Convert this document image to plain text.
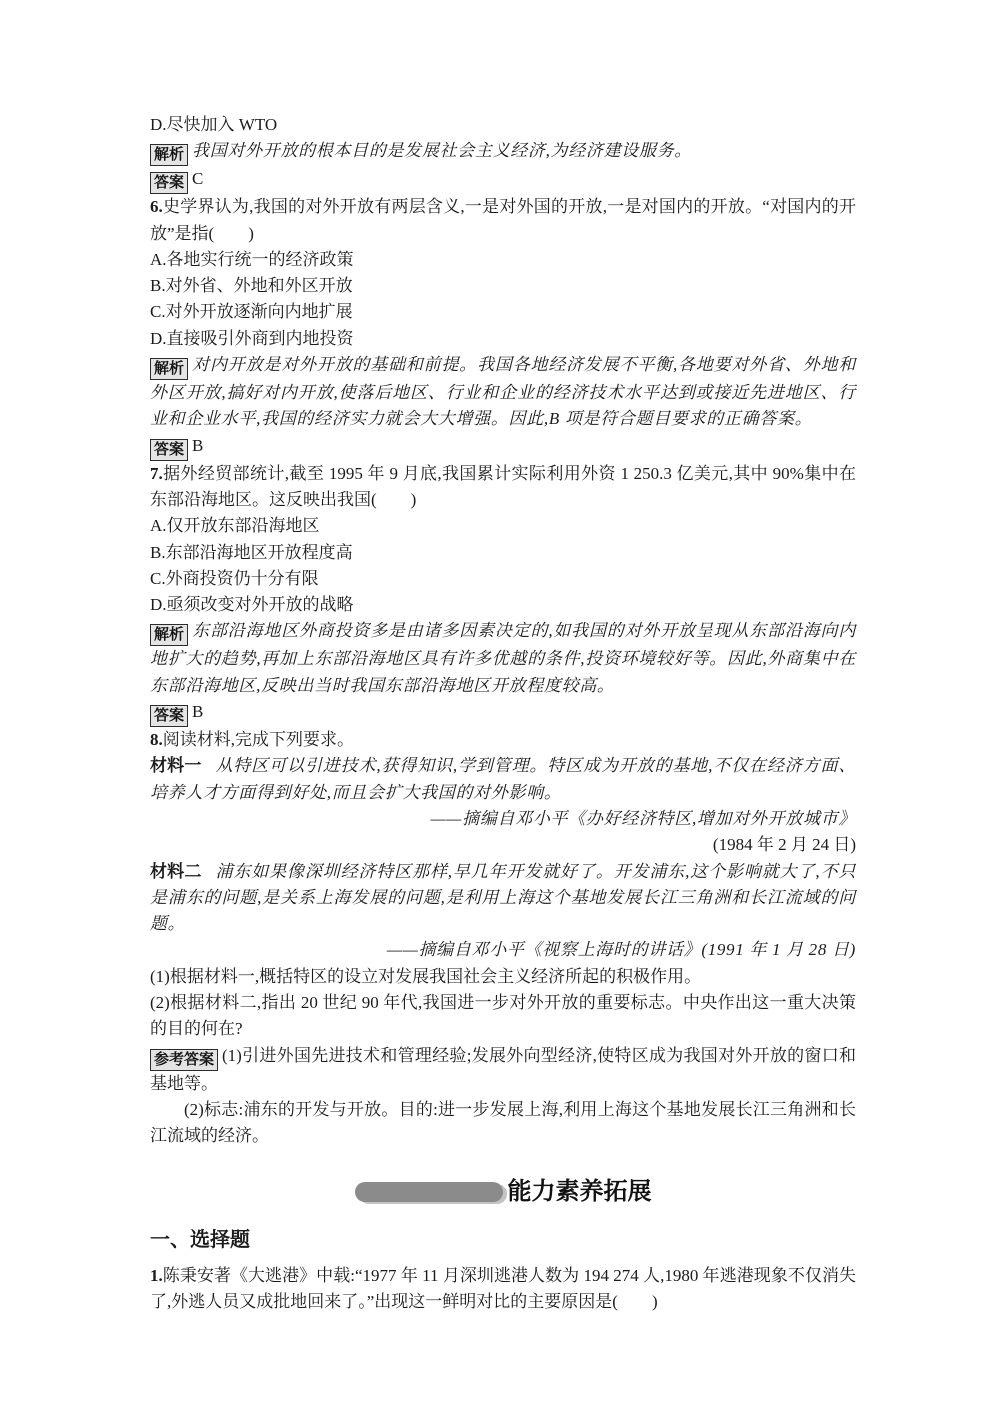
D.尽快加入 WTO

解析 我国对外开放的根本目的是发展社会主义经济,为经济建设服务。

答案 C

6.史学界认为,我国的对外开放有两层含义,一是对外国的开放,一是对国内的开放。“对国内的开放”是指(　　)

A.各地实行统一的经济政策

B.对外省、外地和外区开放

C.对外开放逐渐向内地扩展

D.直接吸引外商到内地投资

解析 对内开放是对外开放的基础和前提。我国各地经济发展不平衡,各地要对外省、外地和外区开放,搞好对内开放,使落后地区、行业和企业的经济技术水平达到或接近先进地区、行业和企业水平,我国的经济实力就会大大增强。因此,B 项是符合题目要求的正确答案。

答案 B

7.据外经贸部统计,截至 1995 年 9 月底,我国累计实际利用外资 1 250.3 亿美元,其中 90%集中在东部沿海地区。这反映出我国(　　)

A.仅开放东部沿海地区

B.东部沿海地区开放程度高

C.外商投资仍十分有限

D.亟须改变对外开放的战略

解析 东部沿海地区外商投资多是由诸多因素决定的,如我国的对外开放呈现从东部沿海向内地扩大的趋势,再加上东部沿海地区具有许多优越的条件,投资环境较好等。因此,外商集中在东部沿海地区,反映出当时我国东部沿海地区开放程度较高。

答案 B

8.阅读材料,完成下列要求。

材料一 从特区可以引进技术,获得知识,学到管理。特区成为开放的基地,不仅在经济方面、培养人才方面得到好处,而且会扩大我国的对外影响。

——摘编自邓小平《办好经济特区,增加对外开放城市》

(1984 年 2 月 24 日)

材料二 浦东如果像深圳经济特区那样,早几年开发就好了。开发浦东,这个影响就大了,不只是浦东的问题,是关系上海发展的问题,是利用上海这个基地发展长江三角洲和长江流域的问题。

——摘编自邓小平《视察上海时的讲话》(1991 年 1 月 28 日)

(1)根据材料一,概括特区的设立对发展我国社会主义经济所起的积极作用。

(2)根据材料二,指出 20 世纪 90 年代,我国进一步对外开放的重要标志。中央作出这一重大决策的目的何在?

参考答案 (1)引进外国先进技术和管理经验;发展外向型经济,使特区成为我国对外开放的窗口和基地等。

(2)标志:浦东的开发与开放。目的:进一步发展上海,利用上海这个基地发展长江三角洲和长江流域的经济。

能力素养拓展

一、选择题

1.陈秉安著《大逃港》中载:“1977 年 11 月深圳逃港人数为 194 274 人,1980 年逃港现象不仅消失了,外逃人员又成批地回来了。”出现这一鲜明对比的主要原因是(　　)
